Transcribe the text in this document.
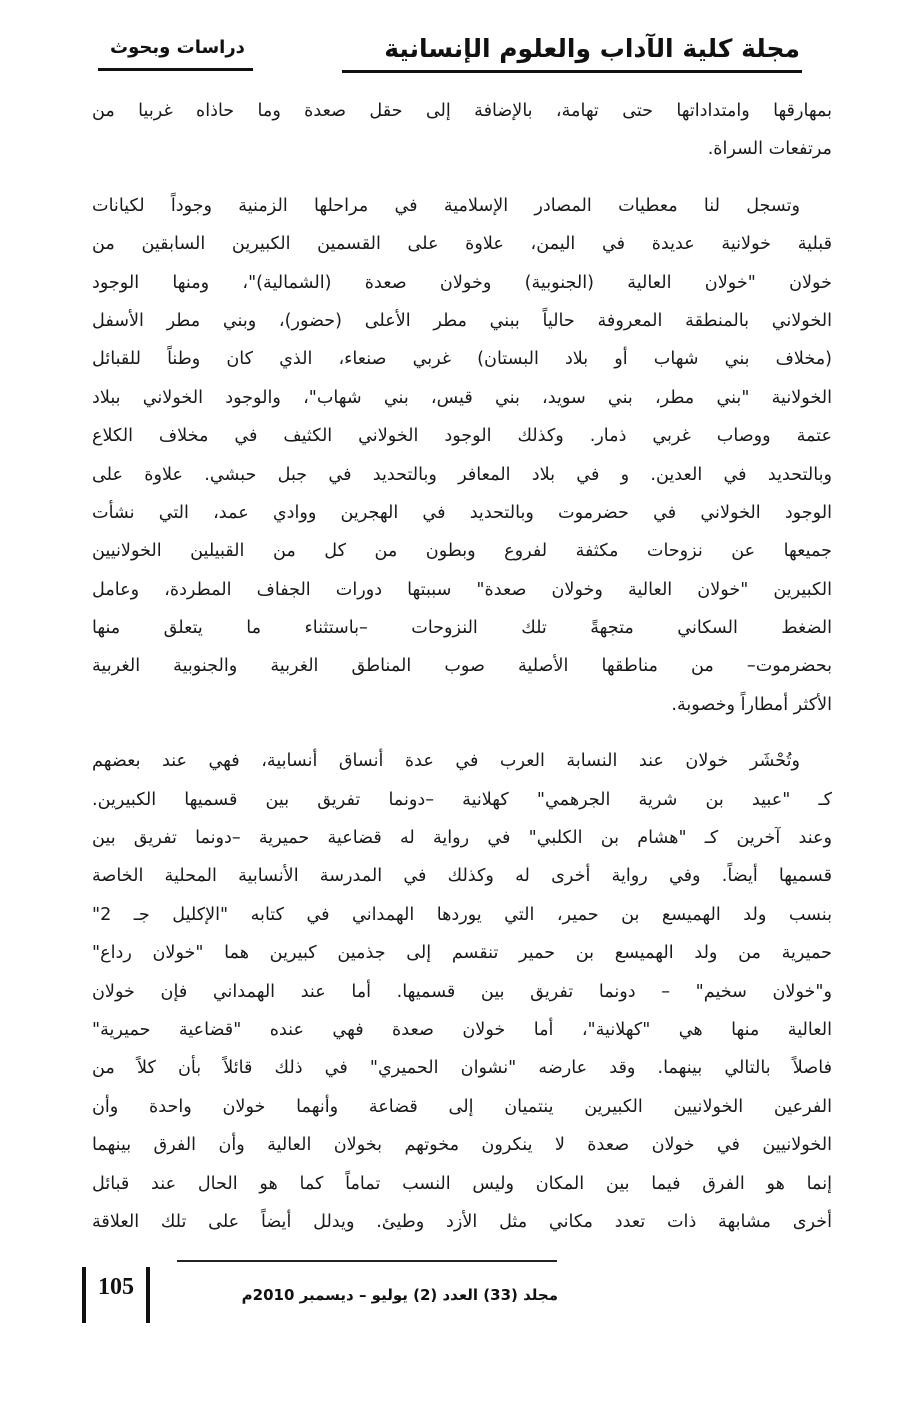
مجلة كلية الآداب والعلوم الإنسانية
دراسات وبحوث
بمهارقها وامتداداتها حتى تهامة، بالإضافة إلى حقل صعدة وما حاذاه غربيا من
مرتفعات السراة.
وتسجل لنا معطيات المصادر الإسلامية في مراحلها الزمنية وجوداً لكيانات
قبلية خولانية عديدة في اليمن، علاوة على القسمين الكبيرين السابقين من
خولان "خولان العالية (الجنوبية) وخولان صعدة (الشمالية)"، ومنها الوجود
الخولاني بالمنطقة المعروفة حالياً ببني مطر الأعلى (حضور)، وبني مطر الأسفل
(مخلاف بني شهاب أو بلاد البستان) غربي صنعاء، الذي كان وطناً للقبائل
الخولانية "بني مطر، بني سويد، بني قيس، بني شهاب"، والوجود الخولاني ببلاد
عتمة ووصاب غربي ذمار. وكذلك الوجود الخولاني الكثيف في مخلاف الكلاع
وبالتحديد في العدين. و في بلاد المعافر وبالتحديد في جبل حبشي. علاوة على
الوجود الخولاني في حضرموت وبالتحديد في الهجرين ووادي عمد، التي نشأت
جميعها عن نزوحات مكثفة لفروع وبطون من كل من القبيلين الخولانيين
الكبيرين "خولان العالية وخولان صعدة" سببتها دورات الجفاف المطردة، وعامل
الضغط السكاني متجهةً تلك النزوحات –باستثناء ما يتعلق منها
بحضرموت– من مناطقها الأصلية صوب المناطق الغربية والجنوبية الغربية
الأكثر أمطاراً وخصوبة.
وتُحْشَر خولان عند النسابة العرب في عدة أنساق أنسابية، فهي عند بعضهم
كـ "عبيد بن شرية الجرهمي" كهلانية –دونما تفريق بين قسميها الكبيرين.
وعند آخرين كـ "هشام بن الكلبي" في رواية له قضاعية حميرية –دونما تفريق بين
قسميها أيضاً. وفي رواية أخرى له وكذلك في المدرسة الأنسابية المحلية الخاصة
بنسب ولد الهميسع بن حمير، التي يوردها الهمداني في كتابه "الإكليل جـ 2"
حميرية من ولد الهميسع بن حمير تنقسم إلى جذمين كبيرين هما "خولان رداع"
و"خولان سخيم" – دونما تفريق بين قسميها. أما عند الهمداني فإن خولان
العالية منها هي "كهلانية"، أما خولان صعدة فهي عنده "قضاعية حميرية"
فاصلاً بالتالي بينهما. وقد عارضه "نشوان الحميري" في ذلك قائلاً بأن كلاً من
الفرعين الخولانيين الكبيرين ينتميان إلى قضاعة وأنهما خولان واحدة وأن
الخولانيين في خولان صعدة لا ينكرون مخوتهم بخولان العالية وأن الفرق بينهما
إنما هو الفرق فيما بين المكان وليس النسب تماماً كما هو الحال عند قبائل
أخرى مشابهة ذات تعدد مكاني مثل الأزد وطيئ. ويدلل أيضاً على تلك العلاقة
105	مجلد (33) العدد (2) يوليو – ديسمبر 2010م
